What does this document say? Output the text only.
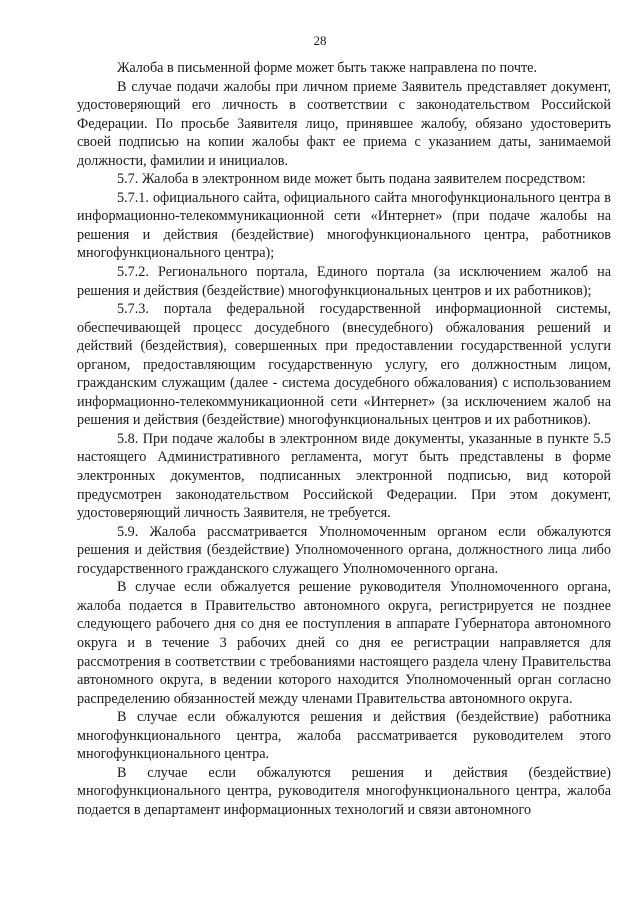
28

Жалоба в письменной форме может быть также направлена по почте.

В случае подачи жалобы при личном приеме Заявитель представляет документ, удостоверяющий его личность в соответствии с законодательством Российской Федерации. По просьбе Заявителя лицо, принявшее жалобу, обязано удостоверить своей подписью на копии жалобы факт ее приема с указанием даты, занимаемой должности, фамилии и инициалов.

5.7. Жалоба в электронном виде может быть подана заявителем посредством:

5.7.1. официального сайта, официального сайта многофункционального центра в информационно-телекоммуникационной сети «Интернет» (при подаче жалобы на решения и действия (бездействие) многофункционального центра, работников многофункционального центра);

5.7.2. Регионального портала, Единого портала (за исключением жалоб на решения и действия (бездействие) многофункциональных центров и их работников);

5.7.3. портала федеральной государственной информационной системы, обеспечивающей процесс досудебного (внесудебного) обжалования решений и действий (бездействия), совершенных при предоставлении государственной услуги органом, предоставляющим государственную услугу, его должностным лицом, гражданским служащим (далее - система досудебного обжалования) с использованием информационно-телекоммуникационной сети «Интернет» (за исключением жалоб на решения и действия (бездействие) многофункциональных центров и их работников).

5.8. При подаче жалобы в электронном виде документы, указанные в пункте 5.5 настоящего Административного регламента, могут быть представлены в форме электронных документов, подписанных электронной подписью, вид которой предусмотрен законодательством Российской Федерации. При этом документ, удостоверяющий личность Заявителя, не требуется.

5.9. Жалоба рассматривается Уполномоченным органом если обжалуются решения и действия (бездействие) Уполномоченного органа, должностного лица либо государственного гражданского служащего Уполномоченного органа.

В случае если обжалуется решение руководителя Уполномоченного органа, жалоба подается в Правительство автономного округа, регистрируется не позднее следующего рабочего дня со дня ее поступления в аппарате Губернатора автономного округа и в течение 3 рабочих дней со дня ее регистрации направляется для рассмотрения в соответствии с требованиями настоящего раздела члену Правительства автономного округа, в ведении которого находится Уполномоченный орган согласно распределению обязанностей между членами Правительства автономного округа.

В случае если обжалуются решения и действия (бездействие) работника многофункционального центра, жалоба рассматривается руководителем этого многофункционального центра.

В случае если обжалуются решения и действия (бездействие) многофункционального центра, руководителя многофункционального центра, жалоба подается в департамент информационных технологий и связи автономного
